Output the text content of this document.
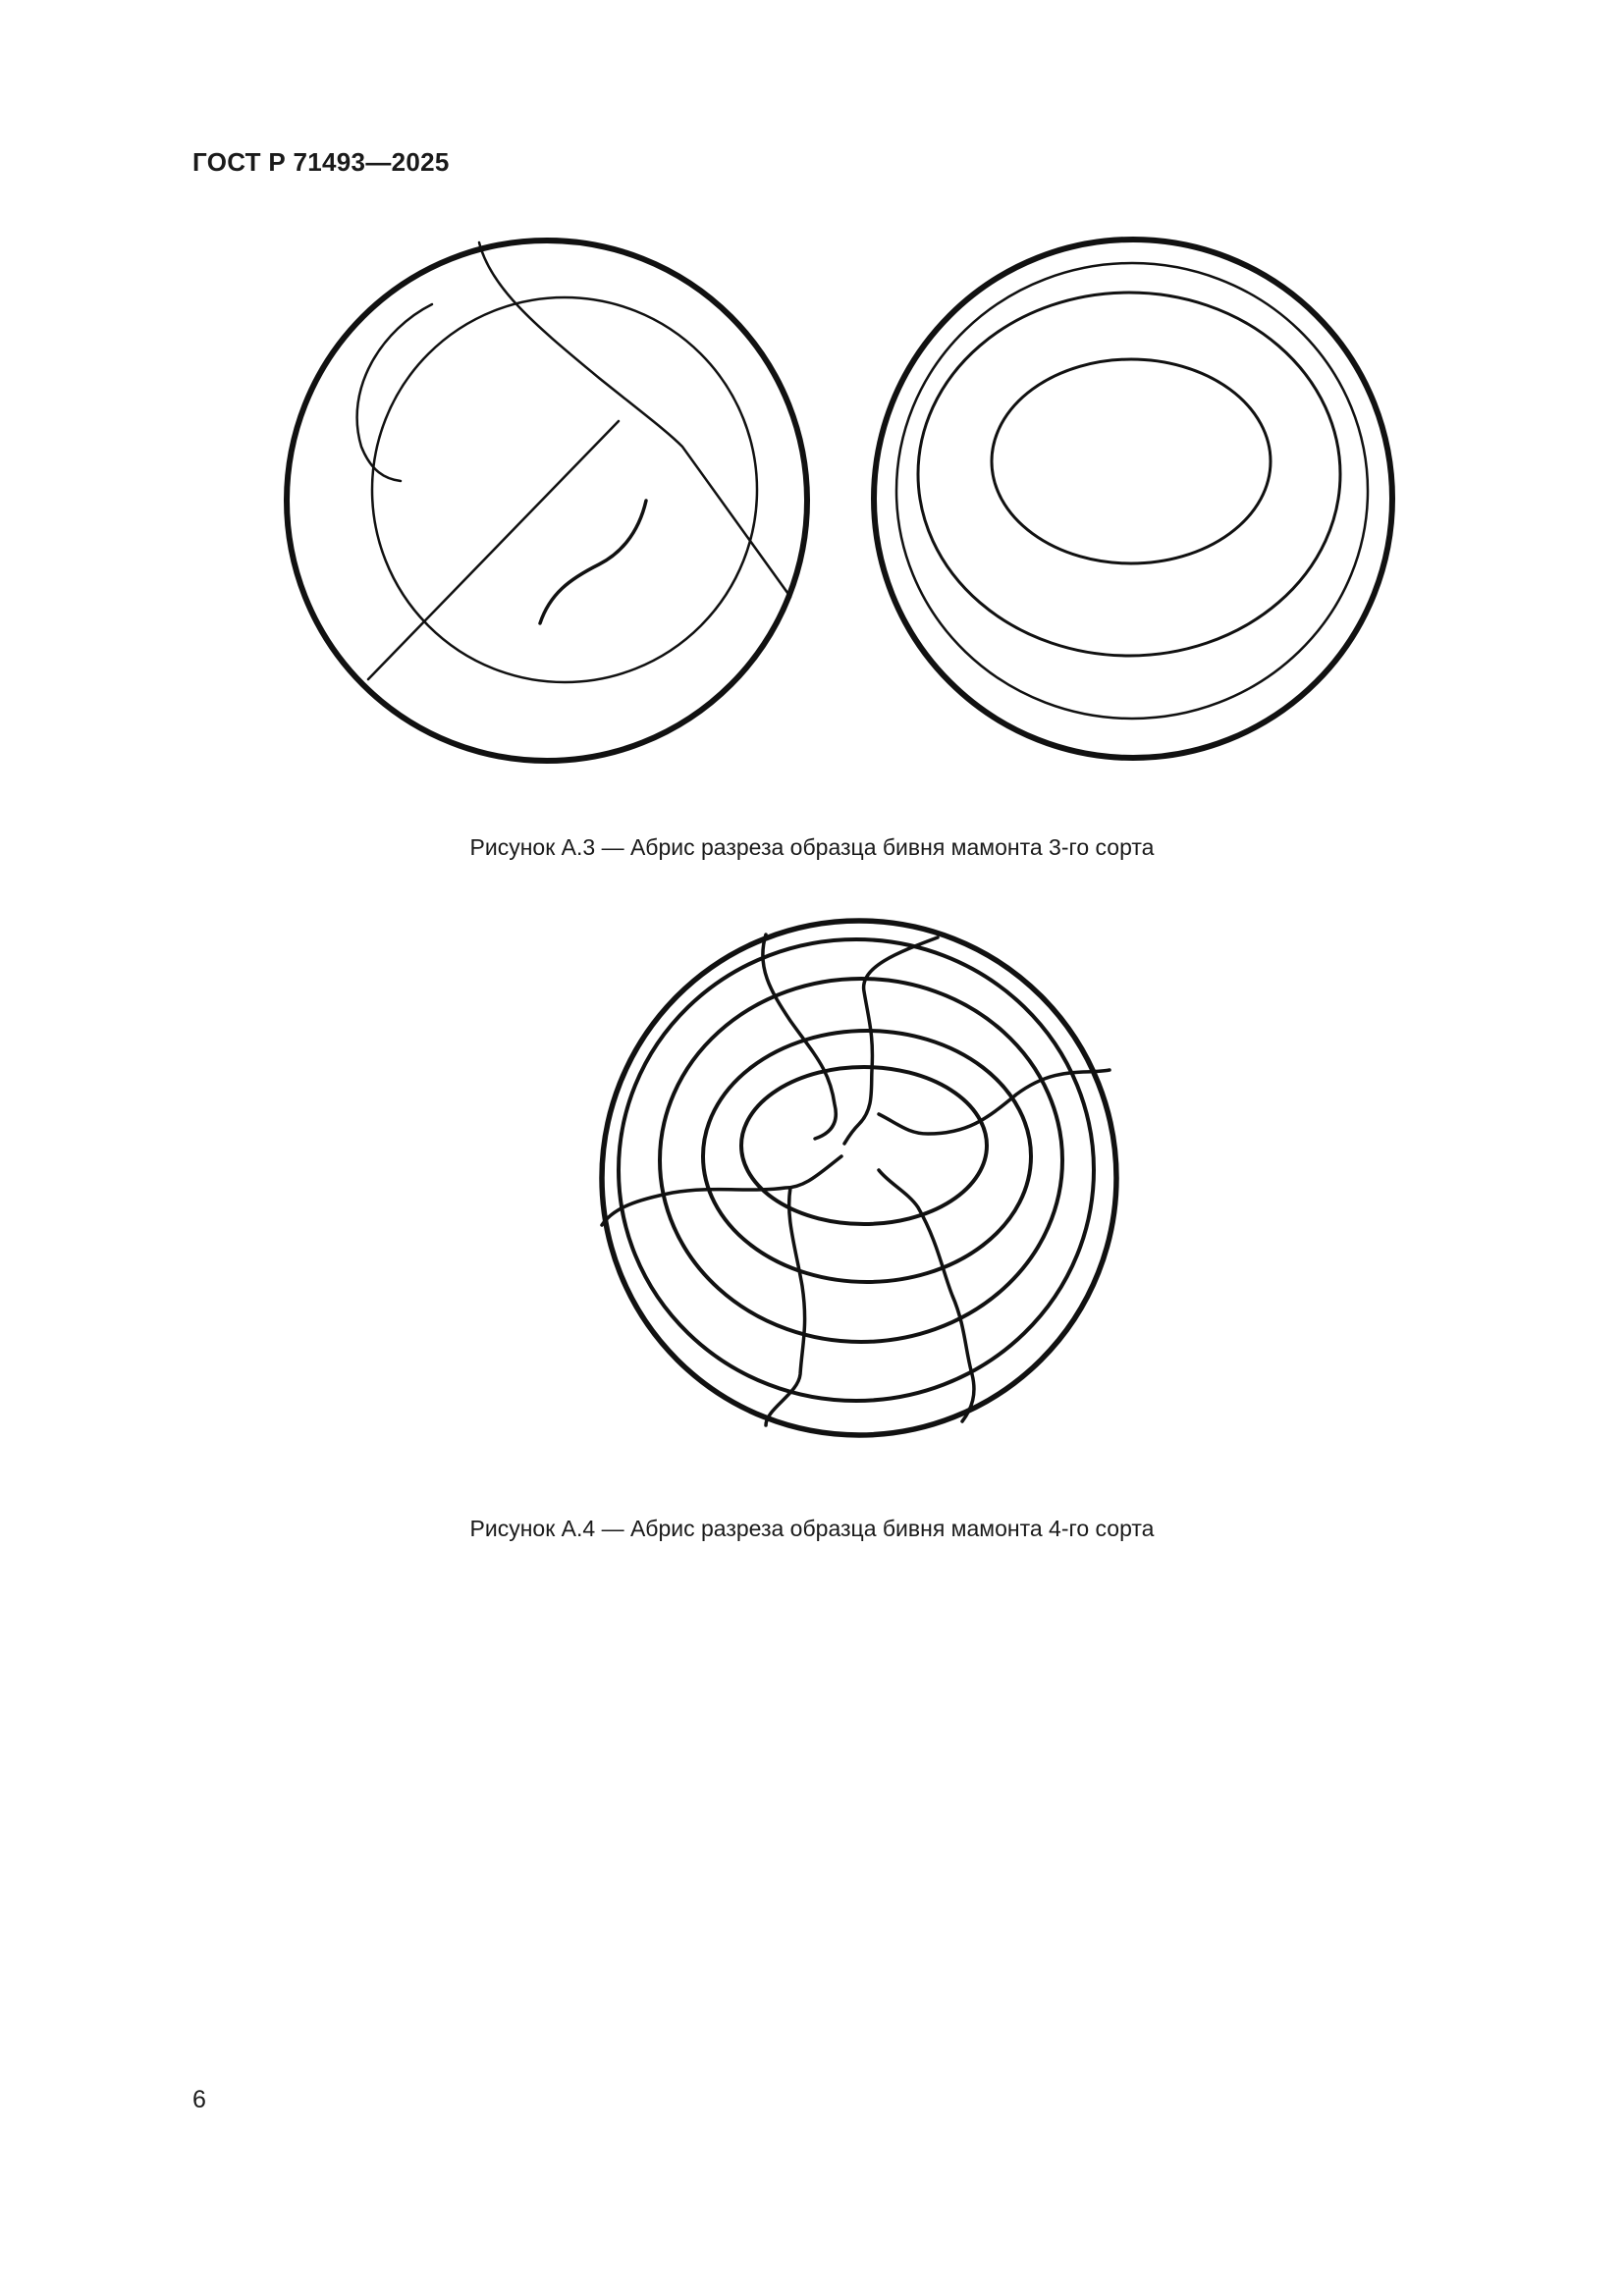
ГОСТ Р 71493—2025
Рисунок А.3 — Абрис разреза образца бивня мамонта 3-го сорта
Рисунок А.4 — Абрис разреза образца бивня мамонта 4-го сорта
6
